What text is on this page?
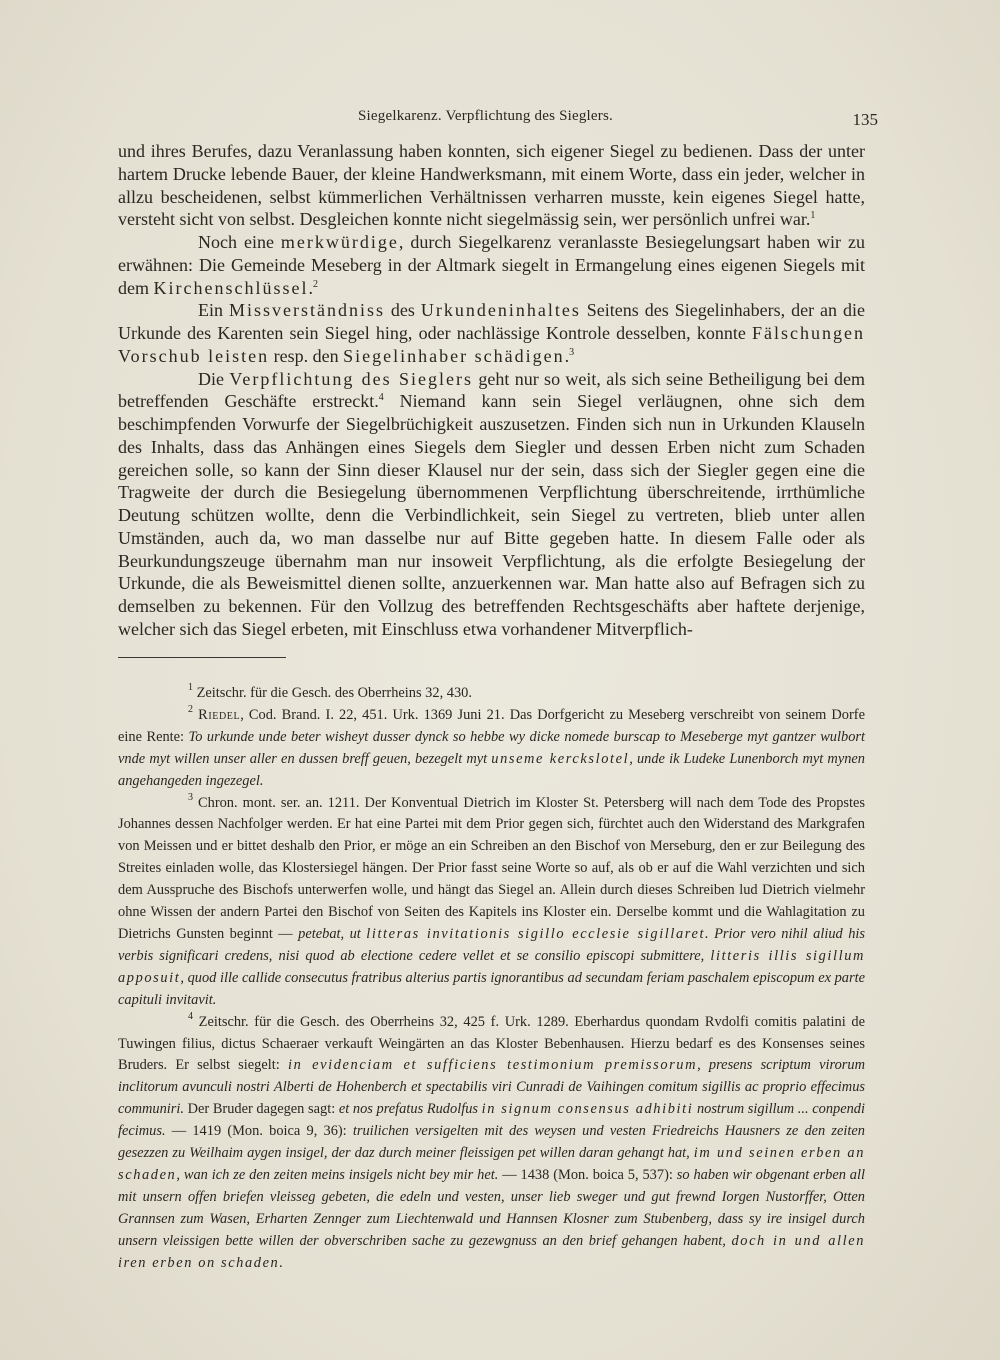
Siegelkarenz. Verpflichtung des Sieglers.	135

und ihres Berufes, dazu Veranlassung haben konnten, sich eigener Siegel zu bedienen. Dass der unter hartem Drucke lebende Bauer, der kleine Handwerksmann, mit einem Worte, dass ein jeder, welcher in allzu bescheidenen, selbst kümmerlichen Verhältnissen verharren musste, kein eigenes Siegel hatte, versteht sicht von selbst. Desgleichen konnte nicht siegelmässig sein, wer persönlich unfrei war.$^1$

Noch eine merkwürdige, durch Siegelkarenz veranlasste Besiegelungsart haben wir zu erwähnen: Die Gemeinde Meseberg in der Altmark siegelt in Ermangelung eines eigenen Siegels mit dem Kirchenschlüssel.$^2$

Ein Missverständniss des Urkundeninhaltes Seitens des Siegelinhabers, der an die Urkunde des Karenten sein Siegel hing, oder nachlässige Kontrole desselben, konnte Fälschungen Vorschub leisten resp. den Siegelinhaber schädigen.$^3$

Die Verpflichtung des Sieglers geht nur so weit, als sich seine Betheiligung bei dem betreffenden Geschäfte erstreckt.$^4$ Niemand kann sein Siegel verläugnen, ohne sich dem beschimpfenden Vorwurfe der Siegelbrüchigkeit auszusetzen. Finden sich nun in Urkunden Klauseln des Inhalts, dass das Anhängen eines Siegels dem Siegler und dessen Erben nicht zum Schaden gereichen solle, so kann der Sinn dieser Klausel nur der sein, dass sich der Siegler gegen eine die Tragweite der durch die Besiegelung übernommenen Verpflichtung überschreitende, irrthümliche Deutung schützen wollte, denn die Verbindlichkeit, sein Siegel zu vertreten, blieb unter allen Umständen, auch da, wo man dasselbe nur auf Bitte gegeben hatte. In diesem Falle oder als Beurkundungszeuge übernahm man nur insoweit Verpflichtung, als die erfolgte Besiegelung der Urkunde, die als Beweismittel dienen sollte, anzuerkennen war. Man hatte also auf Befragen sich zu demselben zu bekennen. Für den Vollzug des betreffenden Rechtsgeschäfts aber haftete derjenige, welcher sich das Siegel erbeten, mit Einschluss etwa vorhandener Mitverpflich-

$^1$ Zeitschr. für die Gesch. des Oberrheins 32, 430.

$^2$ Riedel, Cod. Brand. I. 22, 451. Urk. 1369 Juni 21. Das Dorfgericht zu Meseberg verschreibt von seinem Dorfe eine Rente: To urkunde unde beter wisheyt dusser dynck so hebbe wy dicke nomede burscap to Meseberge myt gantzer wulbort vnde myt willen unser aller en dussen breff geuen, bezegelt myt unseme kerckslotel, unde ik Ludeke Lunenborch myt mynen angehangeden ingezegel.

$^3$ Chron. mont. ser. an. 1211. Der Konventual Dietrich im Kloster St. Petersberg will nach dem Tode des Propstes Johannes dessen Nachfolger werden. Er hat eine Partei mit dem Prior gegen sich, fürchtet auch den Widerstand des Markgrafen von Meissen und er bittet deshalb den Prior, er möge an ein Schreiben an den Bischof von Merseburg, den er zur Beilegung des Streites einladen wolle, das Klostersiegel hängen. Der Prior fasst seine Worte so auf, als ob er auf die Wahl verzichten und sich dem Ausspruche des Bischofs unterwerfen wolle, und hängt das Siegel an. Allein durch dieses Schreiben lud Dietrich vielmehr ohne Wissen der andern Partei den Bischof von Seiten des Kapitels ins Kloster ein. Derselbe kommt und die Wahlagitation zu Dietrichs Gunsten beginnt — petebat, ut litteras invitationis sigillo ecclesie sigillaret. Prior vero nihil aliud his verbis significari credens, nisi quod ab electione cedere vellet et se consilio episcopi submittere, litteris illis sigillum apposuit, quod ille callide consecutus fratribus alterius partis ignorantibus ad secundam feriam paschalem episcopum ex parte capituli invitavit.

$^4$ Zeitschr. für die Gesch. des Oberrheins 32, 425 f. Urk. 1289. Eberhardus quondam Rvdolfi comitis palatini de Tuwingen filius, dictus Schaeraer verkauft Weingärten an das Kloster Bebenhausen. Hierzu bedarf es des Konsenses seines Bruders. Er selbst siegelt: in evidenciam et sufficiens testimonium premissorum, presens scriptum virorum inclitorum avunculi nostri Alberti de Hohenberch et spectabilis viri Cunradi de Vaihingen comitum sigillis ac proprio effecimus communiri. Der Bruder dagegen sagt: et nos prefatus Rudolfus in signum consensus adhibiti nostrum sigillum ... conpendi fecimus. — 1419 (Mon. boica 9, 36): truilichen versigelten mit des weysen und vesten Friedreichs Hausners ze den zeiten gesezzen zu Weilhaim aygen insigel, der daz durch meiner fleissigen pet willen daran gehangt hat, im und seinen erben an schaden, wan ich ze den zeiten meins insigels nicht bey mir het. — 1438 (Mon. boica 5, 537): so haben wir obgenant erben all mit unsern offen briefen vleisseg gebeten, die edeln und vesten, unser lieb sweger und gut frewnd Iorgen Nustorffer, Otten Grannsen zum Wasen, Erharten Zennger zum Liechtenwald und Hannsen Klosner zum Stubenberg, dass sy ire insigel durch unsern vleissigen bette willen der obverschriben sache zu gezewgnuss an den brief gehangen habent, doch in und allen iren erben on schaden.
